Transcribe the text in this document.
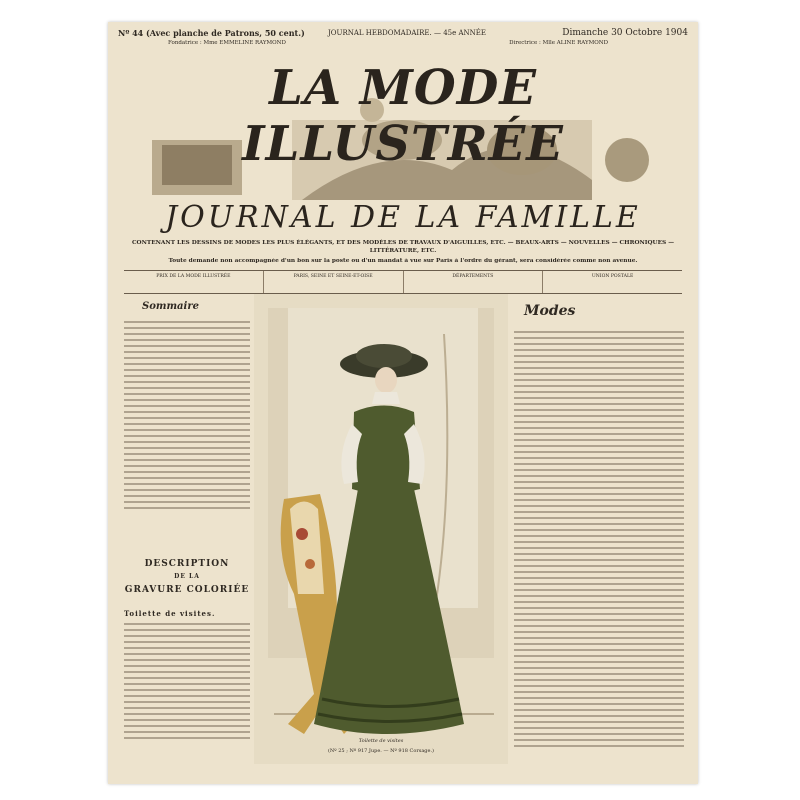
Nº 44 (Avec planche de Patrons, 50 cent.)	JOURNAL HEBDOMADAIRE. — 45e ANNÉE	Dimanche 30 Octobre 1904
Fondatrice : Mme EMMELINE RAYMOND	Directrice : Mlle ALINE RAYMOND
LA MODE ILLUSTRÉE
JOURNAL DE LA FAMILLE
CONTENANT LES DESSINS DE MODES LES PLUS ÉLÉGANTS, ET DES MODÈLES DE TRAVAUX D'AIGUILLES, ETC. — BEAUX-ARTS — NOUVELLES — CHRONIQUES — LITTÉRATURE, ETC.
Toute demande non accompagnée d'un bon sur la poste ou d'un mandat à vue sur Paris à l'ordre du gérant, sera considérée comme non avenue.
PRIX DE LA MODE ILLUSTRÉE	PARIS, SEINE ET SEINE-ET-OISE	DÉPARTEMENTS	UNION POSTALE
Sommaire
DESCRIPTION
DE LA
GRAVURE COLORIÉE
Toilette de visites.
Toilette de visites
(Nº 25 ; Nº 917 Jupe. — Nº 918 Corsage.)
Modes
